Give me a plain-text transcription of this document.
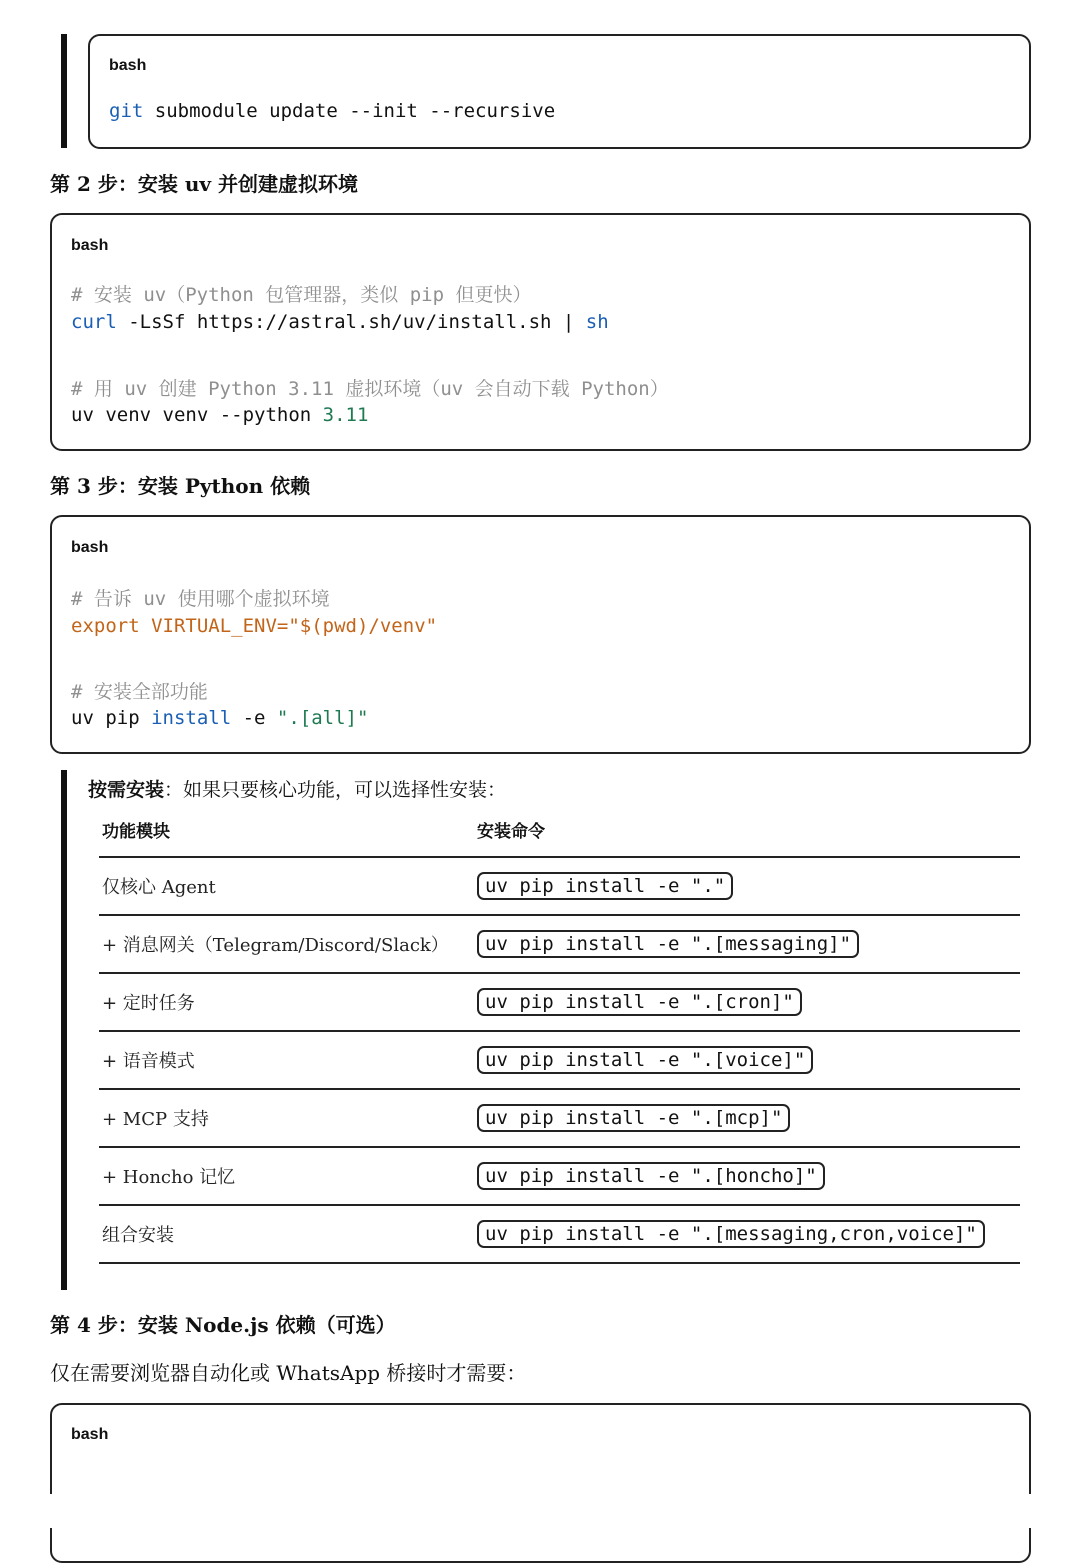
bash
git submodule update --init --recursive
第 2 步：安装 uv 并创建虚拟环境
bash
# 安装 uv（Python 包管理器，类似 pip 但更快）
curl -LsSf https://astral.sh/uv/install.sh | sh
# 用 uv 创建 Python 3.11 虚拟环境（uv 会自动下载 Python）
uv venv venv --python 3.11
第 3 步：安装 Python 依赖
bash
# 告诉 uv 使用哪个虚拟环境
export VIRTUAL_ENV="$(pwd)/venv"
# 安装全部功能
uv pip install -e ".[all]"
按需安装：如果只要核心功能，可以选择性安装：
功能模块	安装命令
仅核心 Agent	uv pip install -e "."
+ 消息网关（Telegram/Discord/Slack）	uv pip install -e ".[messaging]"
+ 定时任务	uv pip install -e ".[cron]"
+ 语音模式	uv pip install -e ".[voice]"
+ MCP 支持	uv pip install -e ".[mcp]"
+ Honcho 记忆	uv pip install -e ".[honcho]"
组合安装	uv pip install -e ".[messaging,cron,voice]"
第 4 步：安装 Node.js 依赖（可选）
仅在需要浏览器自动化或 WhatsApp 桥接时才需要：
bash
